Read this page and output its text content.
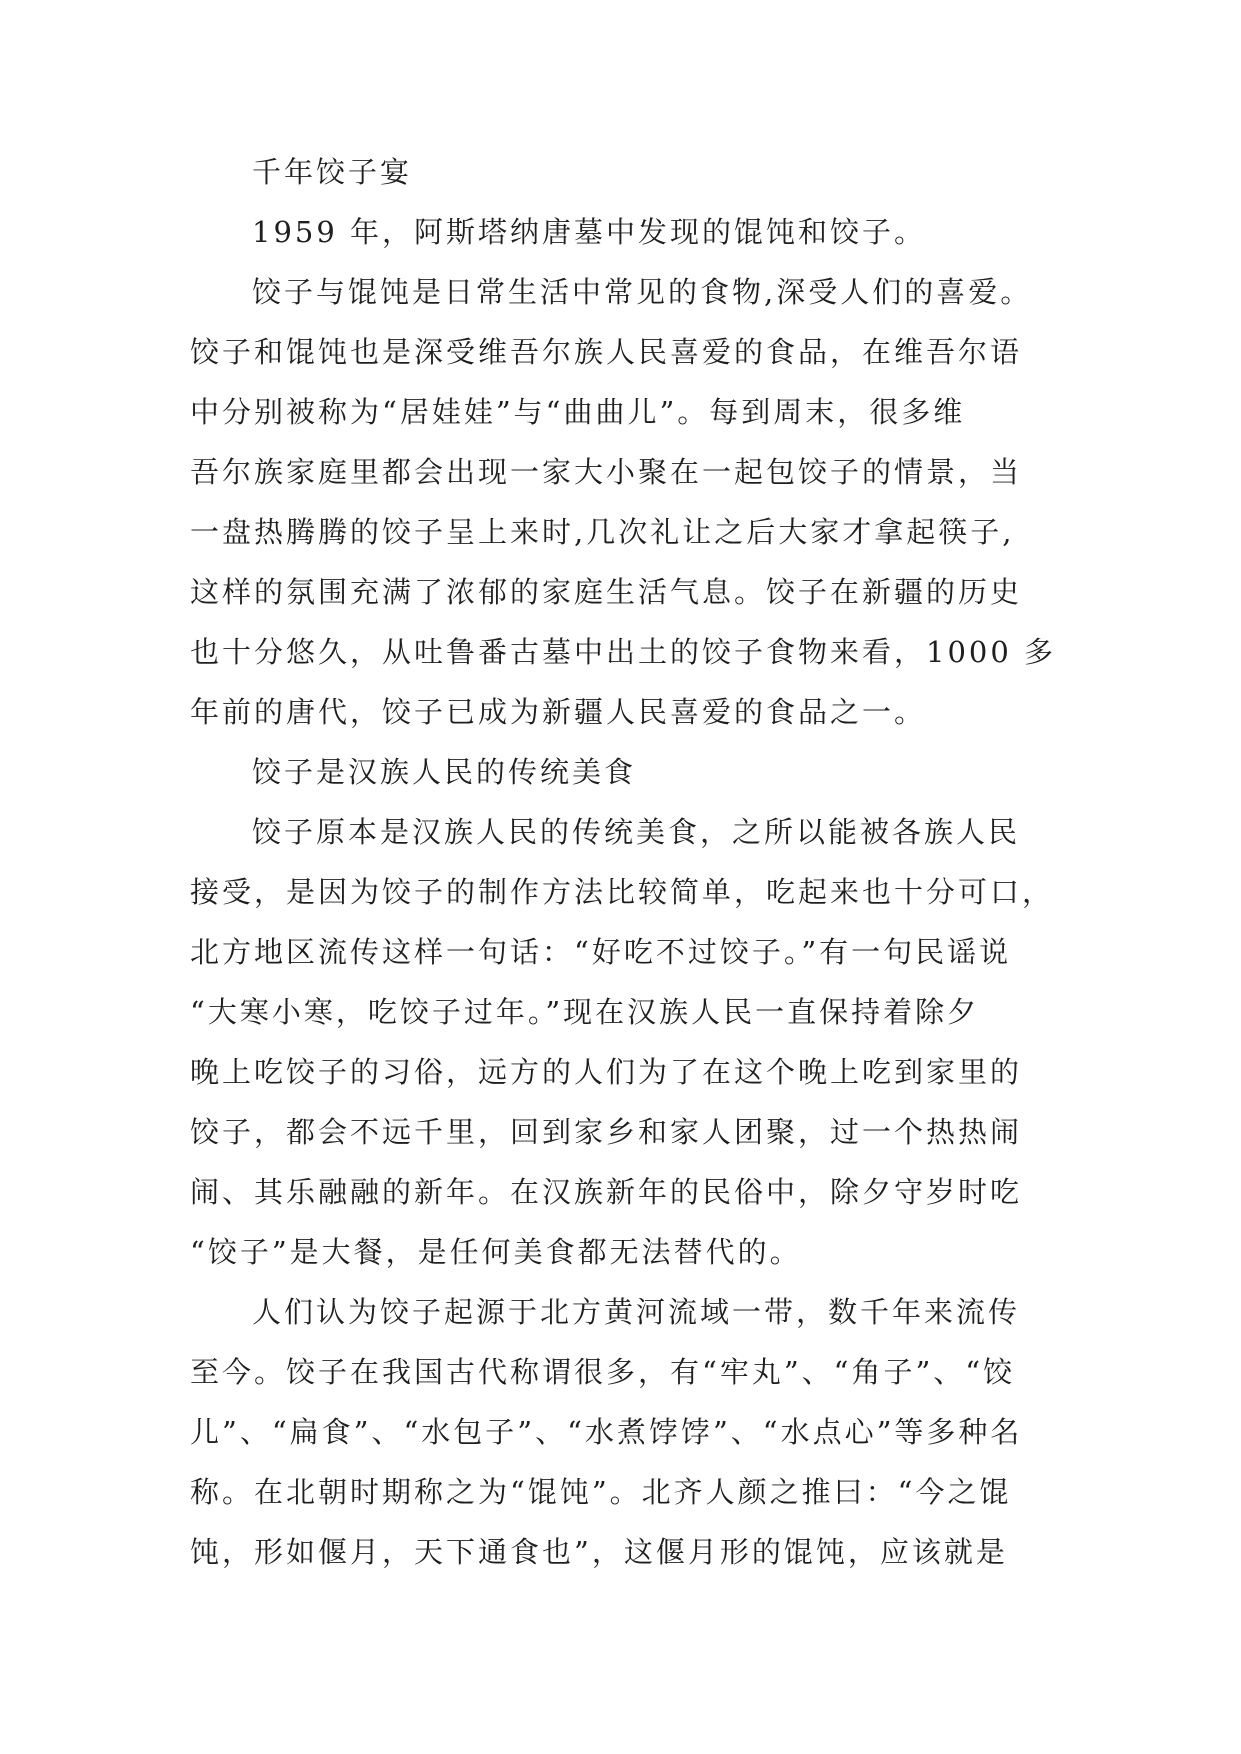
千年饺子宴
1959 年，阿斯塔纳唐墓中发现的馄饨和饺子。
饺子与馄饨是日常生活中常见的食物,深受人们的喜爱。
饺子和馄饨也是深受维吾尔族人民喜爱的食品，在维吾尔语
中分别被称为“居娃娃”与“曲曲儿”。每到周末，很多维
吾尔族家庭里都会出现一家大小聚在一起包饺子的情景，当
一盘热腾腾的饺子呈上来时,几次礼让之后大家才拿起筷子,
这样的氛围充满了浓郁的家庭生活气息。饺子在新疆的历史
也十分悠久，从吐鲁番古墓中出土的饺子食物来看，1000 多
年前的唐代，饺子已成为新疆人民喜爱的食品之一。
饺子是汉族人民的传统美食
饺子原本是汉族人民的传统美食，之所以能被各族人民
接受，是因为饺子的制作方法比较简单，吃起来也十分可口，
北方地区流传这样一句话：“好吃不过饺子。”有一句民谣说
“大寒小寒，吃饺子过年。”现在汉族人民一直保持着除夕
晚上吃饺子的习俗，远方的人们为了在这个晚上吃到家里的
饺子，都会不远千里，回到家乡和家人团聚，过一个热热闹
闹、其乐融融的新年。在汉族新年的民俗中，除夕守岁时吃
“饺子”是大餐，是任何美食都无法替代的。
人们认为饺子起源于北方黄河流域一带，数千年来流传
至今。饺子在我国古代称谓很多，有“牢丸”、“角子”、“饺
儿”、“扁食”、“水包子”、“水煮饽饽”、“水点心”等多种名
称。在北朝时期称之为“馄饨”。北齐人颜之推曰：“今之馄
饨，形如偃月，天下通食也”，这偃月形的馄饨，应该就是
